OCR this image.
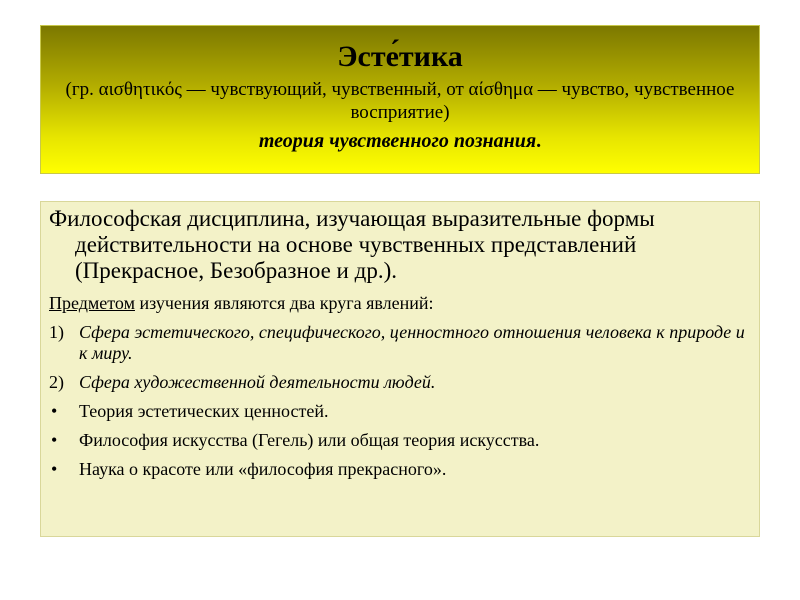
Эсте́тика

(гр. αισθητικός — чувствующий, чувственный, от αίσθημα — чувство, чувственное восприятие)

теория чувственного познания.

Философская дисциплина, изучающая выразительные формы действительности на основе чувственных представлений (Прекрасное, Безобразное и др.).

Предметом изучения являются два круга явлений:

1) Сфера эстетического, специфического, ценностного отношения человека к природе и к миру.
2) Сфера художественной деятельности людей.
•	Теория эстетических ценностей.
•	Философия искусства (Гегель) или общая теория искусства.
•	Наука о красоте или «философия прекрасного».
